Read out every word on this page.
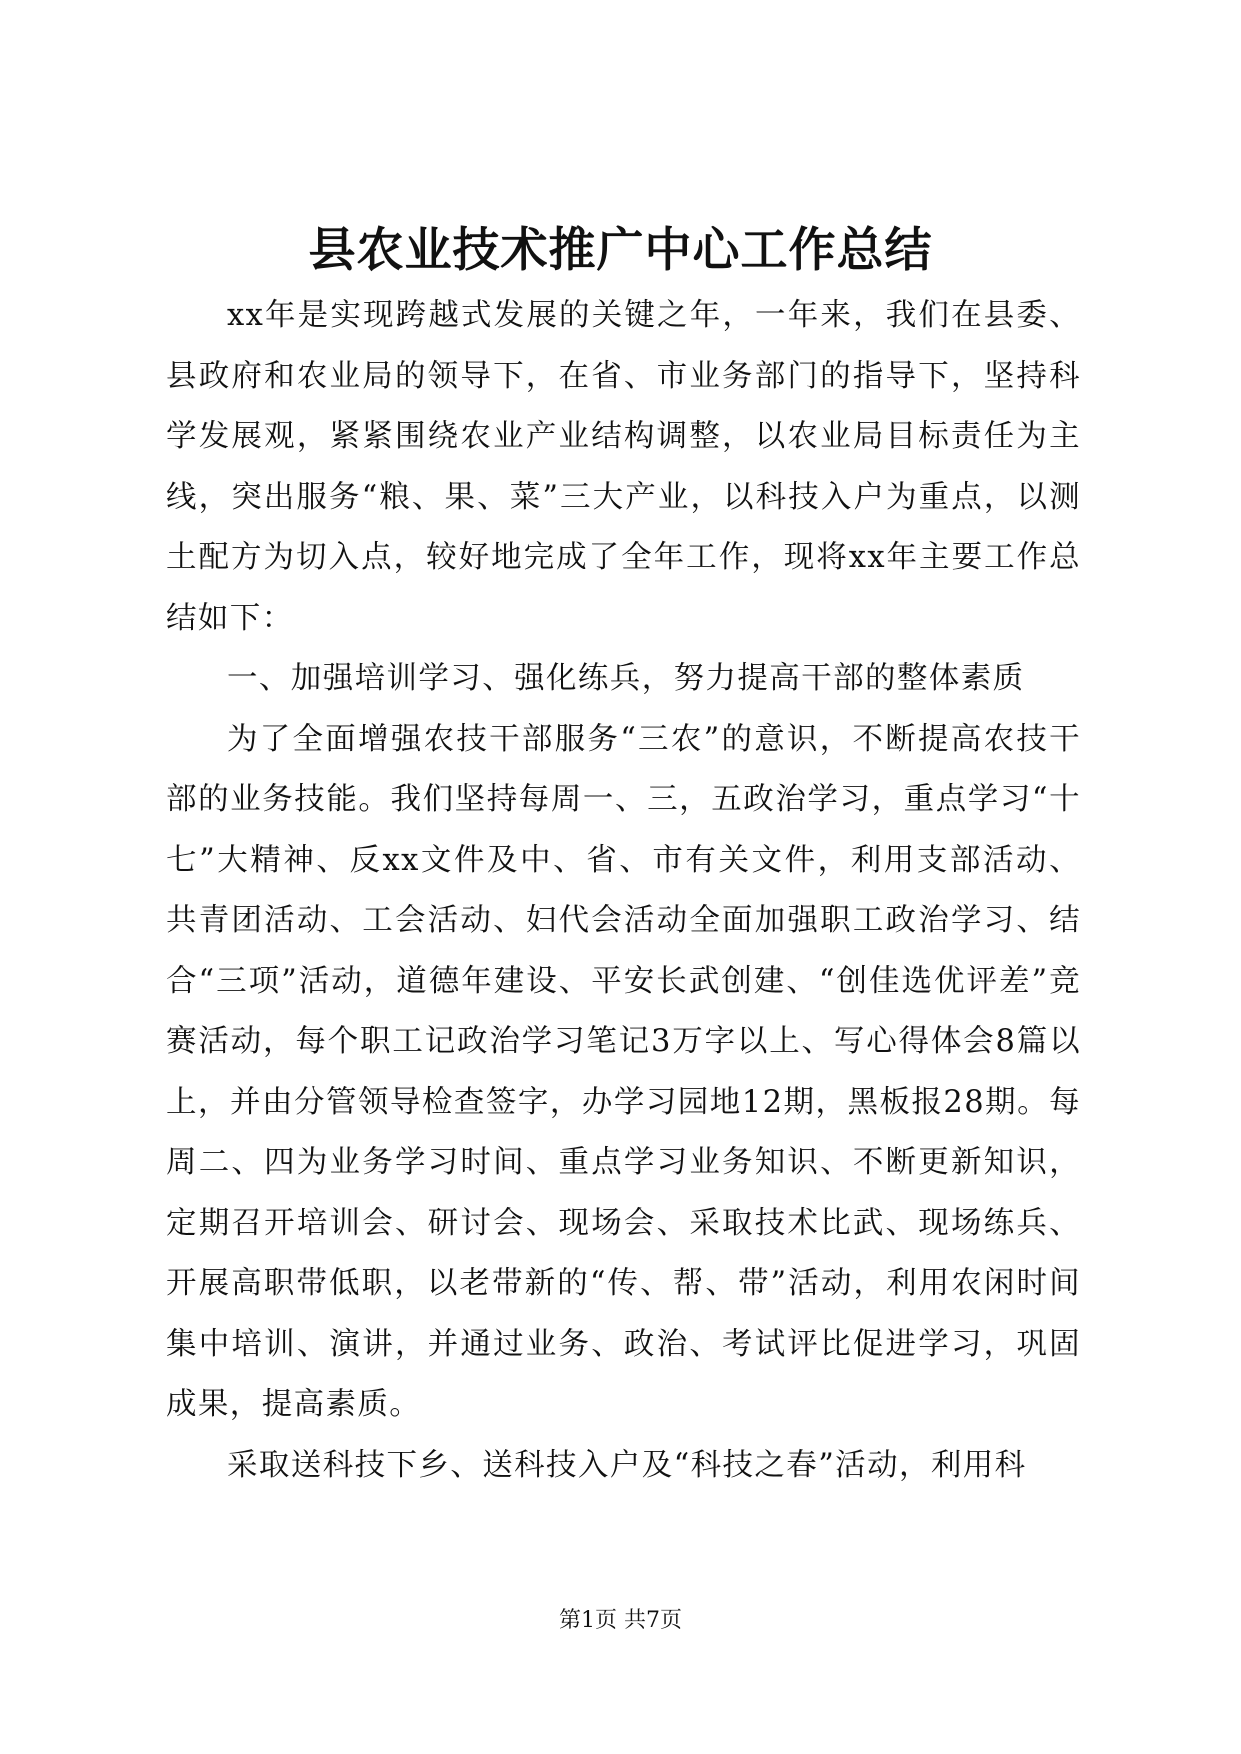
县农业技术推广中心工作总结

xx年是实现跨越式发展的关键之年，一年来，我们在县委、县政府和农业局的领导下，在省、市业务部门的指导下，坚持科学发展观，紧紧围绕农业产业结构调整，以农业局目标责任为主线，突出服务“粮、果、菜”三大产业，以科技入户为重点，以测土配方为切入点，较好地完成了全年工作，现将xx年主要工作总结如下：

一、加强培训学习、强化练兵，努力提高干部的整体素质

为了全面增强农技干部服务“三农”的意识，不断提高农技干部的业务技能。我们坚持每周一、三，五政治学习，重点学习“十七”大精神、反xx文件及中、省、市有关文件，利用支部活动、共青团活动、工会活动、妇代会活动全面加强职工政治学习、结合“三项”活动，道德年建设、平安长武创建、“创佳选优评差”竞赛活动，每个职工记政治学习笔记3万字以上、写心得体会8篇以上，并由分管领导检查签字，办学习园地12期，黑板报28期。每周二、四为业务学习时间、重点学习业务知识、不断更新知识，定期召开培训会、研讨会、现场会、采取技术比武、现场练兵、开展高职带低职，以老带新的“传、帮、带”活动，利用农闲时间集中培训、演讲，并通过业务、政治、考试评比促进学习，巩固成果，提高素质。

采取送科技下乡、送科技入户及“科技之春”活动，利用科

第1页 共7页
